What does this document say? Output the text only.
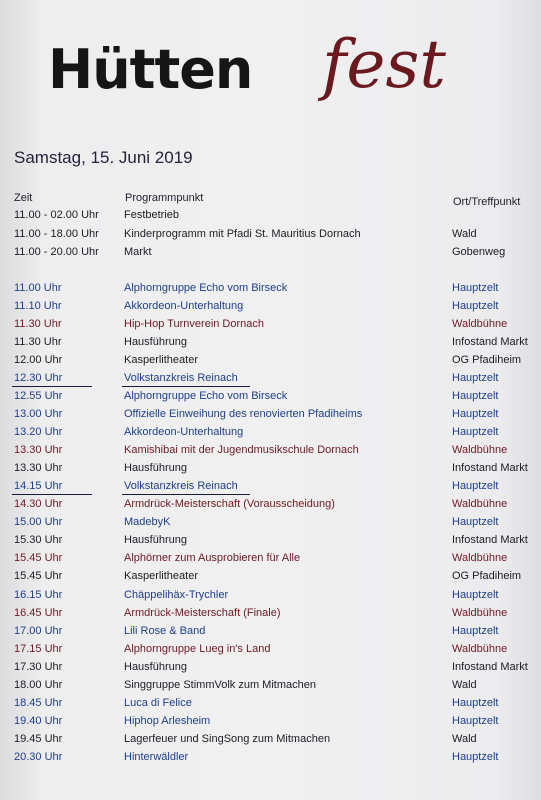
Hütten fest
Samstag, 15. Juni 2019
Zeit	Programmpunkt	Ort/Treffpunkt
11.00 - 02.00 Uhr Festbetrieb
11.00 - 18.00 Uhr Kinderprogramm mit Pfadi St. Mauritius Dornach	Wald
11.00 - 20.00 Uhr Markt	Gobenweg
11.00 Uhr	Alphorngruppe Echo vom Birseck	Hauptzelt
11.10 Uhr	Akkordeon-Unterhaltung	Hauptzelt
11.30 Uhr	Hip-Hop Turnverein Dornach	Waldbühne
11.30 Uhr	Hausführung	Infostand Markt
12.00 Uhr	Kasperlitheater	OG Pfadiheim
12.30 Uhr	Volkstanzkreis Reinach	Hauptzelt
12.55 Uhr	Alphorngruppe Echo vom Birseck	Hauptzelt
13.00 Uhr	Offizielle Einweihung des renovierten Pfadiheims	Hauptzelt
13.20 Uhr	Akkordeon-Unterhaltung	Hauptzelt
13.30 Uhr	Kamishibai mit der Jugendmusikschule Dornach	Waldbühne
13.30 Uhr	Hausführung	Infostand Markt
14.15 Uhr	Volkstanzkreis Reinach	Hauptzelt
14.30 Uhr	Armdrück-Meisterschaft (Vorausscheidung)	Waldbühne
15.00 Uhr	MadebyK	Hauptzelt
15.30 Uhr	Hausführung	Infostand Markt
15.45 Uhr	Alphörner zum Ausprobieren für Alle	Waldbühne
15.45 Uhr	Kasperlitheater	OG Pfadiheim
16.15 Uhr	Chäppelihäx-Trychler	Hauptzelt
16.45 Uhr	Armdrück-Meisterschaft (Finale)	Waldbühne
17.00 Uhr	Lili Rose & Band	Hauptzelt
17.15 Uhr	Alphorngruppe Lueg in's Land	Waldbühne
17.30 Uhr	Hausführung	Infostand Markt
18.00 Uhr	Singgruppe StimmVolk zum Mitmachen	Wald
18.45 Uhr	Luca di Felice	Hauptzelt
19.40 Uhr	Hiphop Arlesheim	Hauptzelt
19.45 Uhr	Lagerfeuer und SingSong zum Mitmachen	Wald
20.30 Uhr	Hinterwäldler	Hauptzelt
